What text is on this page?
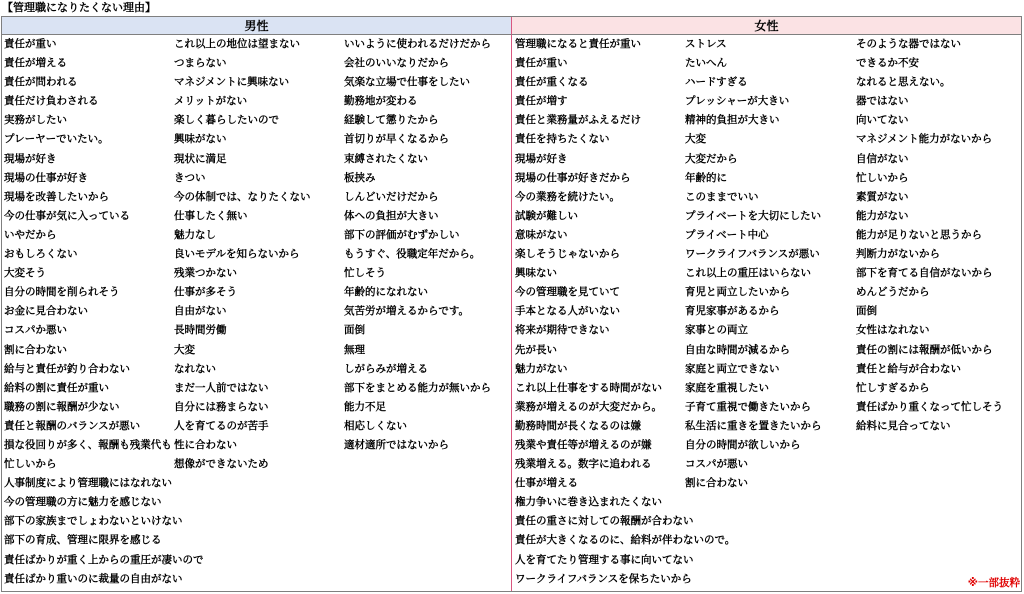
【管理職になりたくない理由】
男性	女性
責任が重い
責任が増える
責任が問われる
責任だけ負わされる
実務がしたい
プレーヤーでいたい。
現場が好き
現場の仕事が好き
現場を改善したいから
今の仕事が気に入っている
いやだから
おもしろくない
大変そう
自分の時間を削られそう
お金に見合わない
コスパか悪い
割に合わない
給与と責任が釣り合わない
給料の割に責任が重い
職務の割に報酬が少ない
責任と報酬のバランスが悪い
損な役回りが多く、報酬も残業代も
忙しいから
人事制度により管理職にはなれない
今の管理職の方に魅力を感じない
部下の家族までしょわないといけない
部下の育成、管理に限界を感じる
責任ばかりが重く上からの重圧が凄いので
責任ばかり重いのに裁量の自由がない
これ以上の地位は望まない
つまらない
マネジメントに興味ない
メリットがない
楽しく暮らしたいので
興味がない
現状に満足
きつい
今の体制では、なりたくない
仕事したく無い
魅力なし
良いモデルを知らないから
残業つかない
仕事が多そう
自由がない
長時間労働
大変
なれない
まだ一人前ではない
自分には務まらない
人を育てるのが苦手
性に合わない
想像ができないため
いいように使われるだけだから
会社のいいなりだから
気楽な立場で仕事をしたい
勤務地が変わる
経験して懲りたから
首切りが早くなるから
束縛されたくない
板挟み
しんどいだけだから
体への負担が大きい
部下の評価がむずかしい
もうすぐ、役職定年だから。
忙しそう
年齢的になれない
気苦労が増えるからです。
面倒
無理
しがらみが増える
部下をまとめる能力が無いから
能力不足
相応しくない
適材適所ではないから
管理職になると責任が重い
責任が重い
責任が重くなる
責任が増す
責任と業務量がふえるだけ
責任を持ちたくない
現場が好き
現場の仕事が好きだから
今の業務を続けたい。
試験が難しい
意味がない
楽しそうじゃないから
興味ない
今の管理職を見ていて
手本となる人がいない
将来が期待できない
先が長い
魅力がない
これ以上仕事をする時間がない
業務が増えるのが大変だから。
勤務時間が長くなるのは嫌
残業や責任等が増えるのが嫌
残業増える。数字に追われる
仕事が増える
権力争いに巻き込まれたくない
責任の重さに対しての報酬が合わない
責任が大きくなるのに、給料が伴わないので。
人を育てたり管理する事に向いてない
ワークライフバランスを保ちたいから
ストレス
たいへん
ハードすぎる
プレッシャーが大きい
精神的負担が大きい
大変
大変だから
年齢的に
このままでいい
プライベートを大切にしたい
プライベート中心
ワークライフバランスが悪い
これ以上の重圧はいらない
育児と両立したいから
育児家事があるから
家事との両立
自由な時間が減るから
家庭と両立できない
家庭を重視したい
子育て重視で働きたいから
私生活に重きを置きたいから
自分の時間が欲しいから
コスパが悪い
割に合わない
そのような器ではない
できるか不安
なれると思えない。
器ではない
向いてない
マネジメント能力がないから
自信がない
忙しいから
素質がない
能力がない
能力が足りないと思うから
判断力がないから
部下を育てる自信がないから
めんどうだから
面倒
女性はなれない
責任の割には報酬が低いから
責任と給与が合わない
忙しすぎるから
責任ばかり重くなって忙しそう
給料に見合ってない
※一部抜粋
